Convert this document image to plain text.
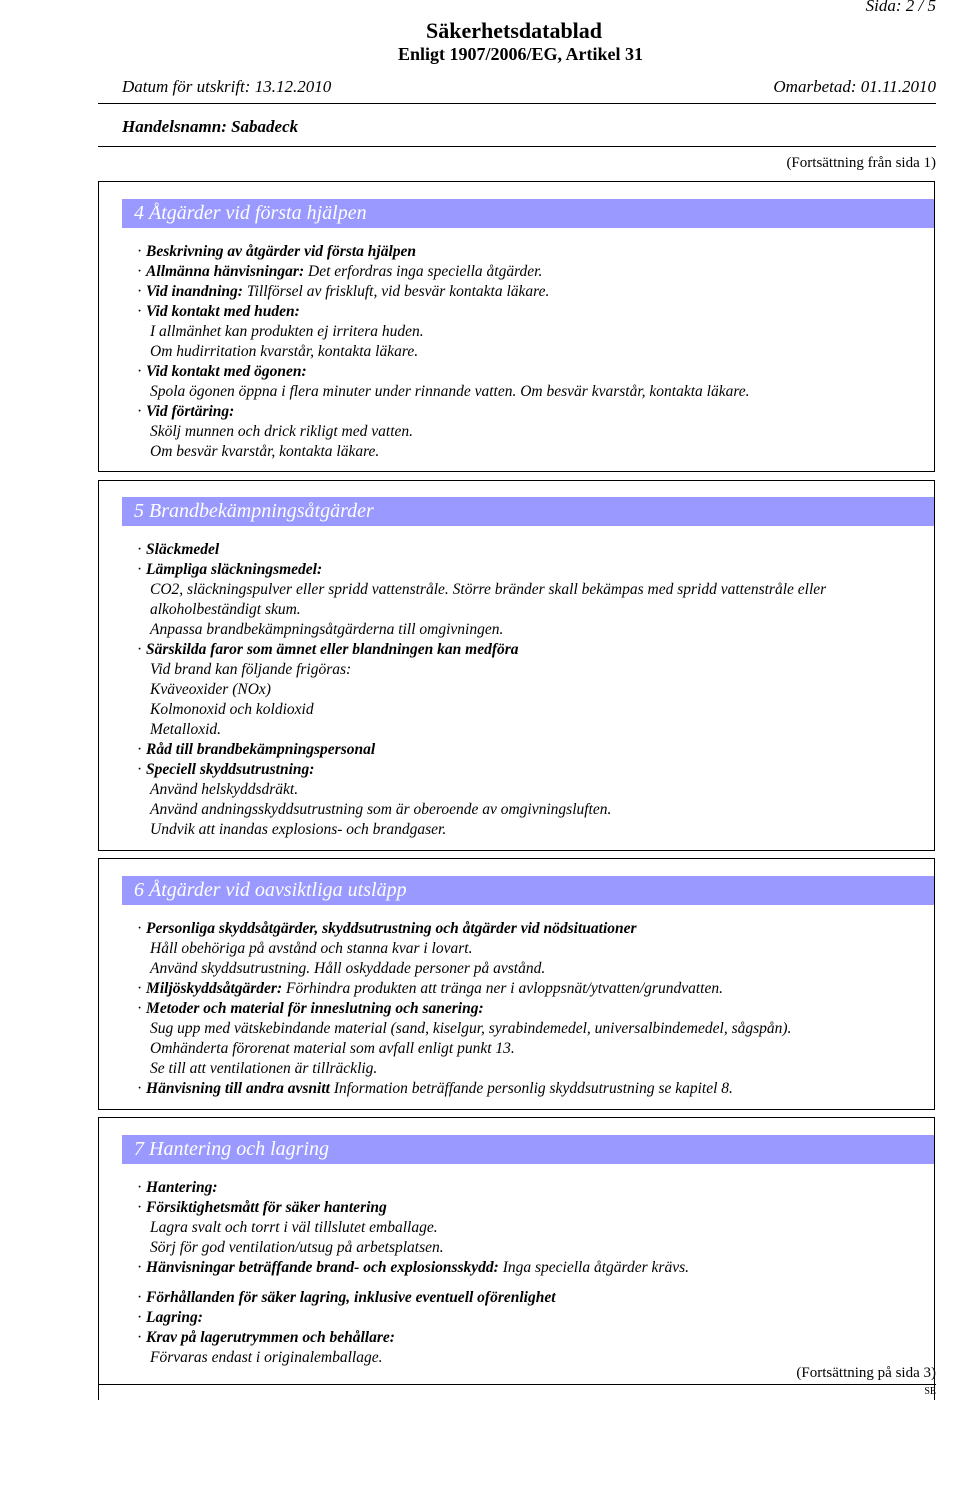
Sida: 2 / 5
Säkerhetsdatablad
Enligt 1907/2006/EG, Artikel 31
Datum för utskrift: 13.12.2010	Omarbetad: 01.11.2010
Handelsnamn: Sabadeck
(Fortsättning från sida 1)
4 Åtgärder vid första hjälpen
· Beskrivning av åtgärder vid första hjälpen
· Allmänna hänvisningar: Det erfordras inga speciella åtgärder.
· Vid inandning: Tillförsel av friskluft, vid besvär kontakta läkare.
· Vid kontakt med huden:
I allmänhet kan produkten ej irritera huden.
Om hudirritation kvarstår, kontakta läkare.
· Vid kontakt med ögonen:
Spola ögonen öppna i flera minuter under rinnande vatten. Om besvär kvarstår, kontakta läkare.
· Vid förtäring:
Skölj munnen och drick rikligt med vatten.
Om besvär kvarstår, kontakta läkare.
5 Brandbekämpningsåtgärder
· Släckmedel
· Lämpliga släckningsmedel:
CO2, släckningspulver eller spridd vattenstråle. Större bränder skall bekämpas med spridd vattenstråle eller
alkoholbeständigt skum.
Anpassa brandbekämpningsåtgärderna till omgivningen.
· Särskilda faror som ämnet eller blandningen kan medföra
Vid brand kan följande frigöras:
Kväveoxider (NOx)
Kolmonoxid och koldioxid
Metalloxid.
· Råd till brandbekämpningspersonal
· Speciell skyddsutrustning:
Använd helskyddsdräkt.
Använd andningsskyddsutrustning som är oberoende av omgivningsluften.
Undvik att inandas explosions- och brandgaser.
6 Åtgärder vid oavsiktliga utsläpp
· Personliga skyddsåtgärder, skyddsutrustning och åtgärder vid nödsituationer
Håll obehöriga på avstånd och stanna kvar i lovart.
Använd skyddsutrustning. Håll oskyddade personer på avstånd.
· Miljöskyddsåtgärder: Förhindra produkten att tränga ner i avloppsnät/ytvatten/grundvatten.
· Metoder och material för inneslutning och sanering:
Sug upp med vätskebindande material (sand, kiselgur, syrabindemedel, universalbindemedel, sågspån).
Omhänderta förorenat material som avfall enligt punkt 13.
Se till att ventilationen är tillräcklig.
· Hänvisning till andra avsnitt Information beträffande personlig skyddsutrustning se kapitel 8.
7 Hantering och lagring
· Hantering:
· Försiktighetsmått för säker hantering
Lagra svalt och torrt i väl tillslutet emballage.
Sörj för god ventilation/utsug på arbetsplatsen.
· Hänvisningar beträffande brand- och explosionsskydd: Inga speciella åtgärder krävs.
· Förhållanden för säker lagring, inklusive eventuell oförenlighet
· Lagring:
· Krav på lagerutrymmen och behållare:
Förvaras endast i originalemballage.
(Fortsättning på sida 3)
SE
